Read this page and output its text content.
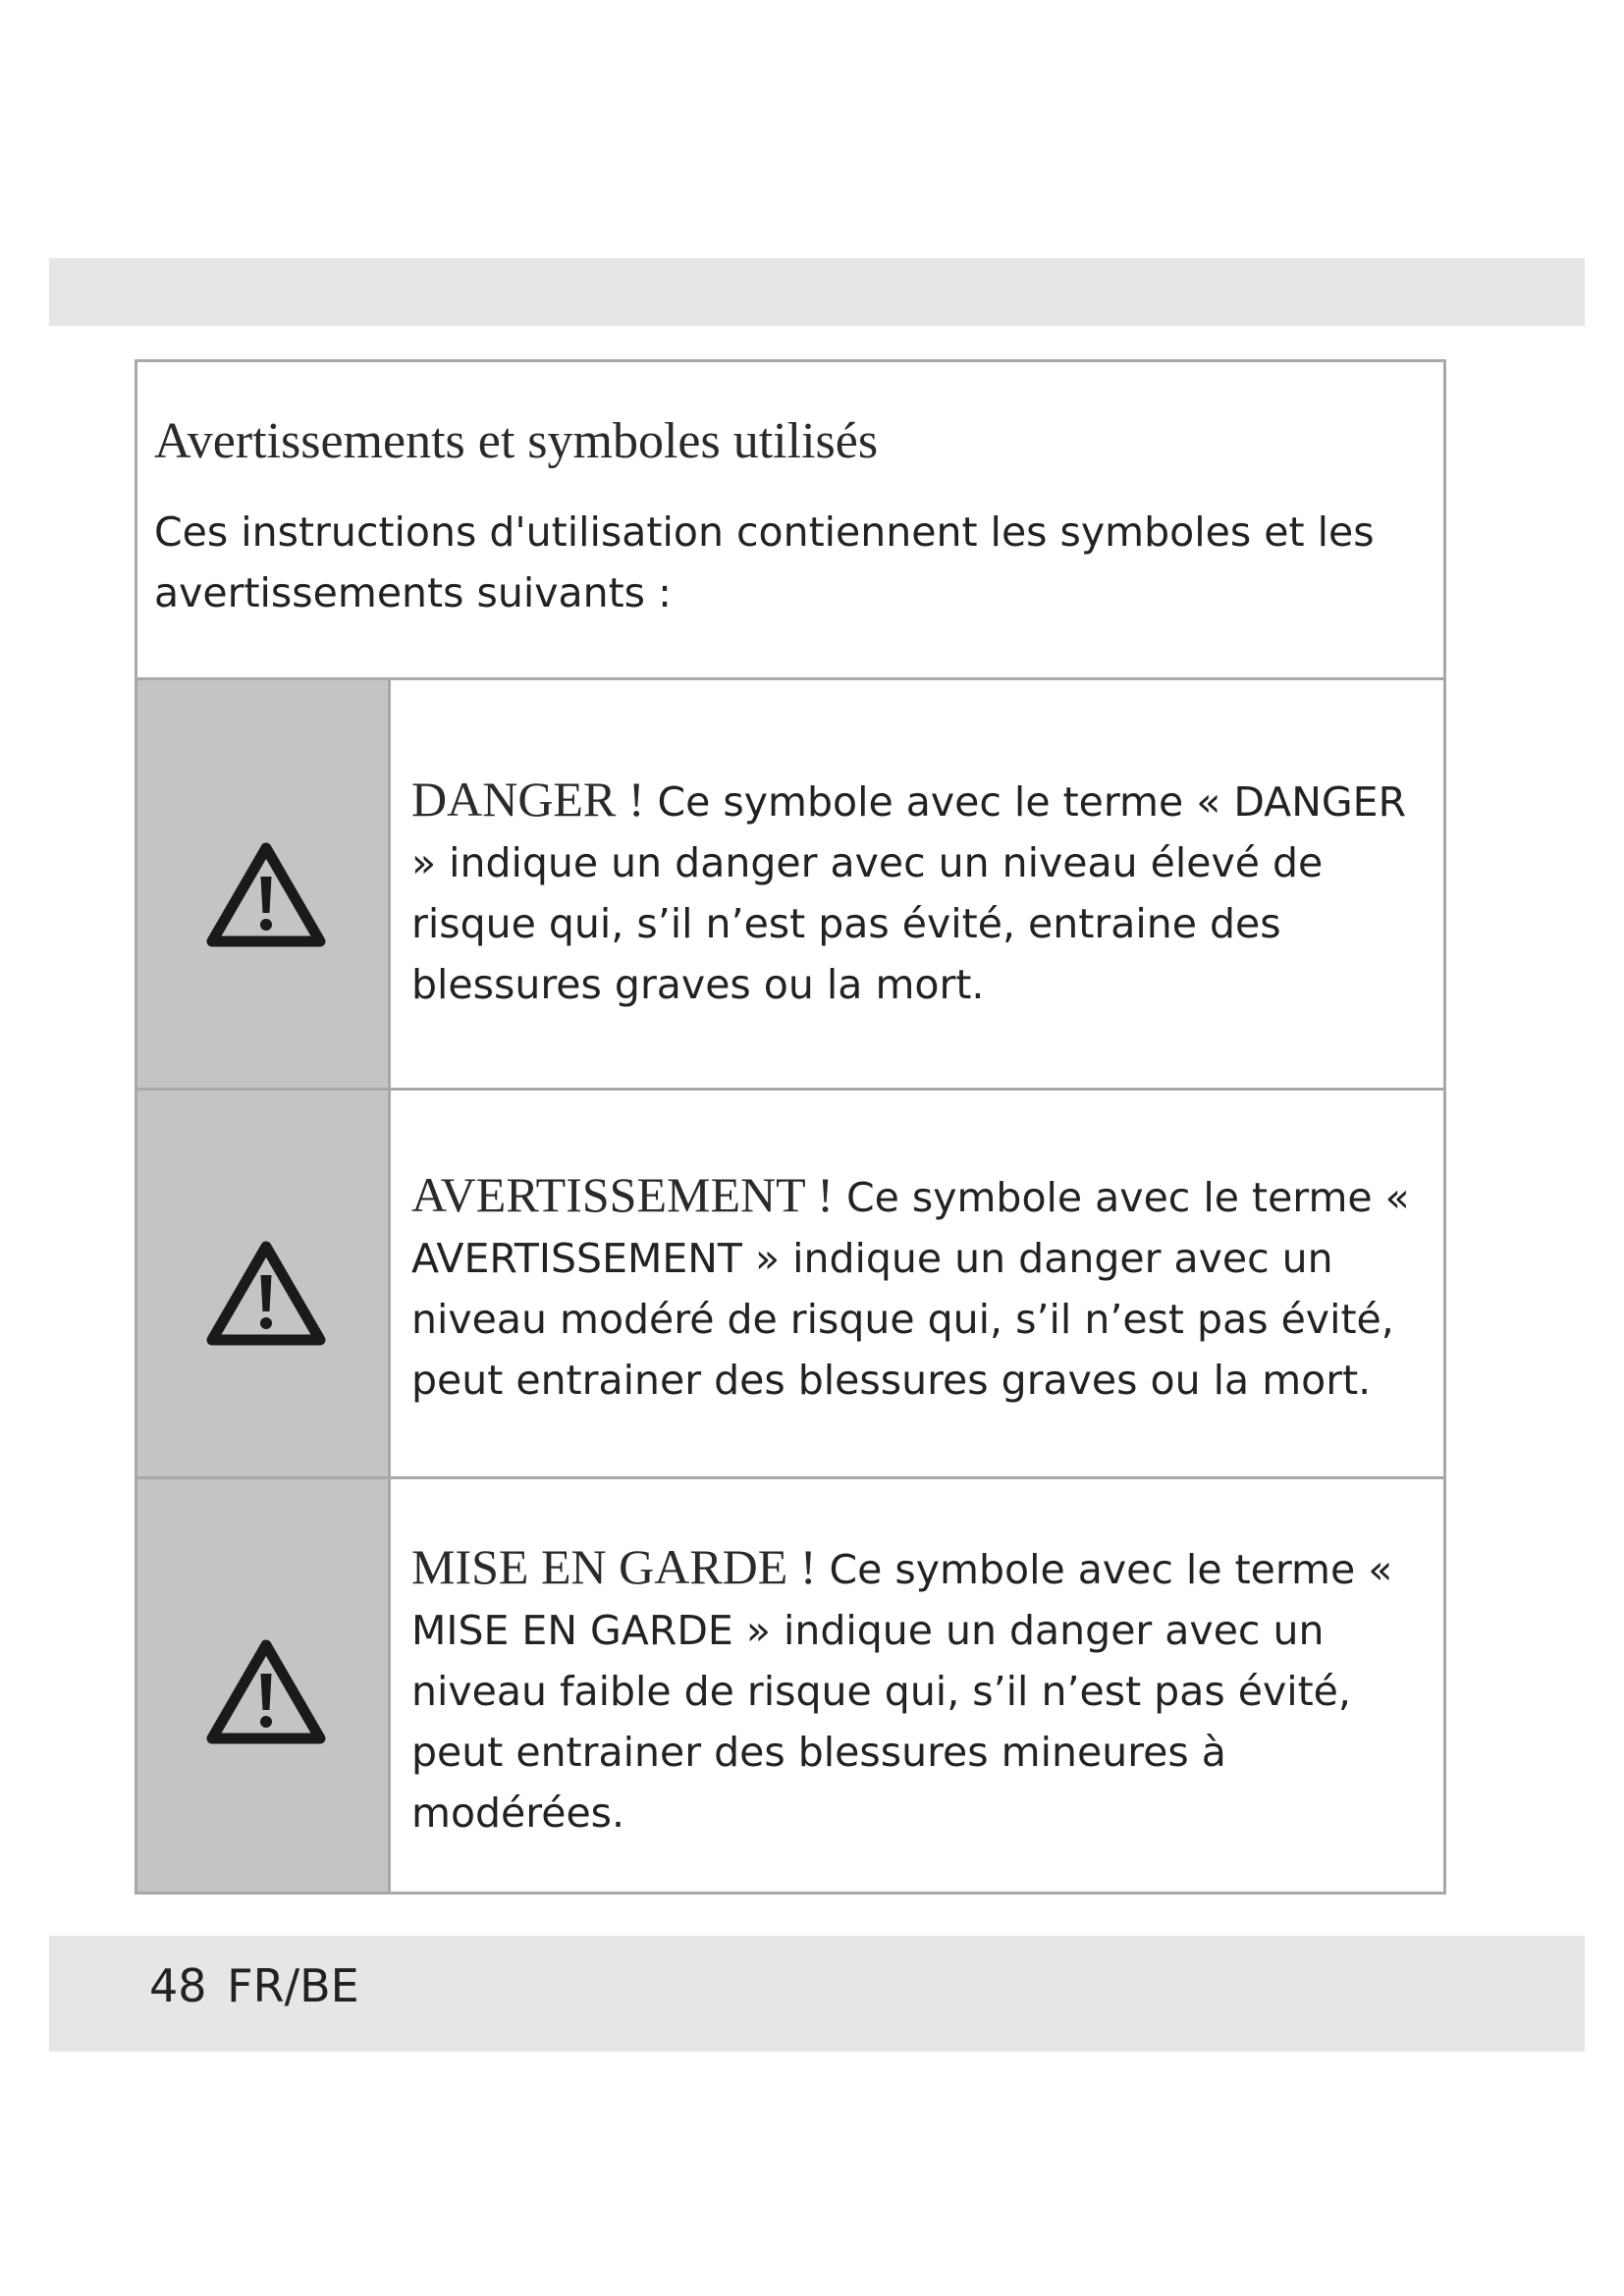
Avertissements et symboles utilisés
Ces instructions d'utilisation contiennent les symboles et les avertissements suivants :
DANGER ! Ce symbole avec le terme « DANGER » indique un danger avec un niveau élevé de risque qui, s’il n’est pas évité, entraine des blessures graves ou la mort.
AVERTISSEMENT ! Ce symbole avec le terme « AVERTISSEMENT » indique un danger avec un niveau modéré de risque qui, s’il n’est pas évité, peut entrainer des blessures graves ou la mort.
MISE EN GARDE ! Ce symbole avec le terme « MISE EN GARDE » indique un danger avec un niveau faible de risque qui, s’il n’est pas évité, peut entrainer des blessures mineures à modérées.
48 FR/BE
